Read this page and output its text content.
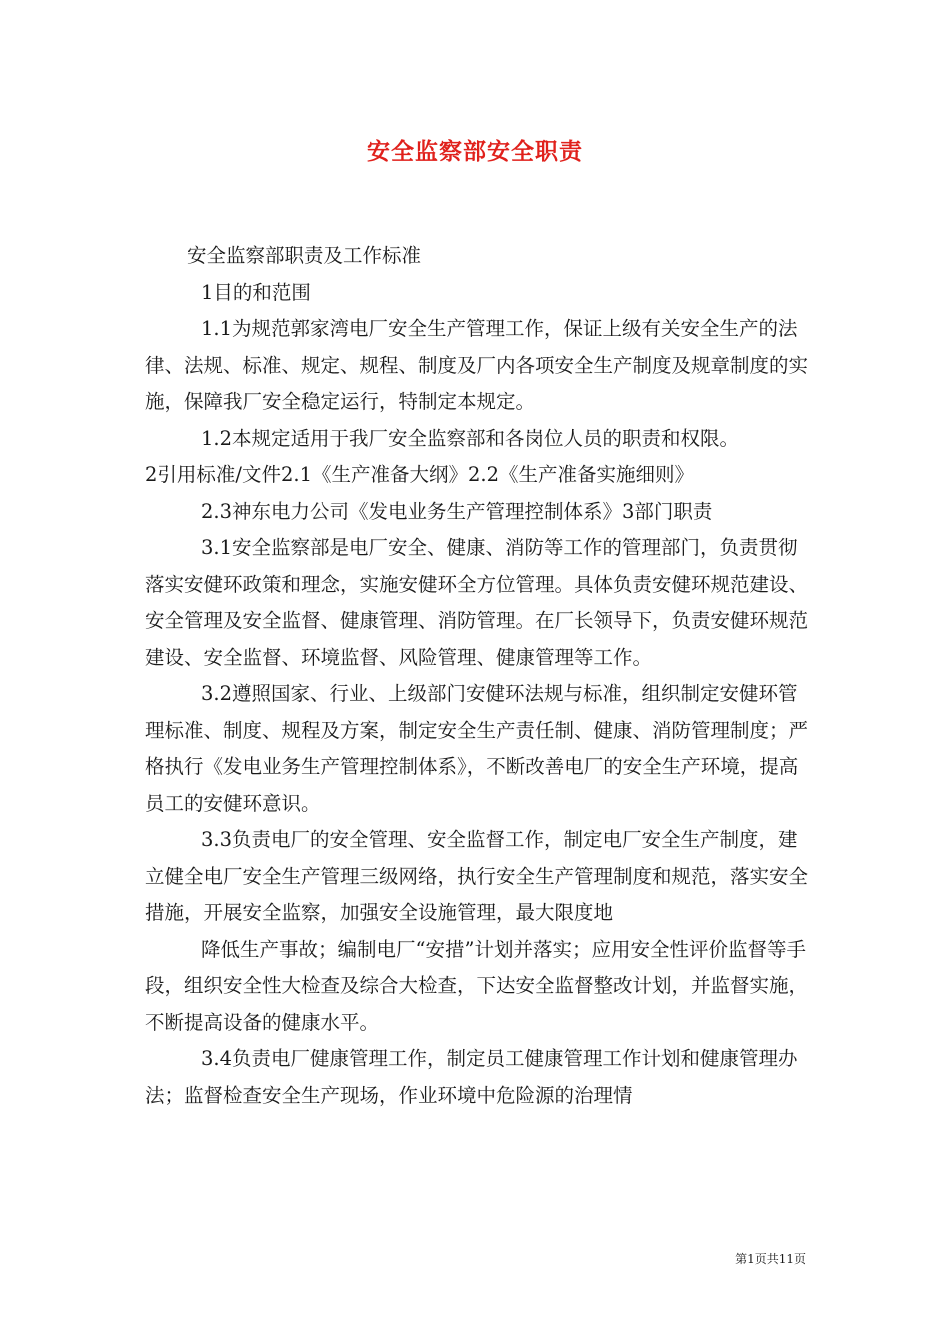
安全监察部安全职责

安全监察部职责及工作标准

1目的和范围

1.1为规范郭家湾电厂安全生产管理工作，保证上级有关安全生产的法律、法规、标准、规定、规程、制度及厂内各项安全生产制度及规章制度的实施，保障我厂安全稳定运行，特制定本规定。

1.2本规定适用于我厂安全监察部和各岗位人员的职责和权限。

2引用标准/文件2.1《生产准备大纲》2.2《生产准备实施细则》

2.3神东电力公司《发电业务生产管理控制体系》3部门职责

3.1安全监察部是电厂安全、健康、消防等工作的管理部门，负责贯彻落实安健环政策和理念，实施安健环全方位管理。具体负责安健环规范建设、安全管理及安全监督、健康管理、消防管理。在厂长领导下，负责安健环规范建设、安全监督、环境监督、风险管理、健康管理等工作。

3.2遵照国家、行业、上级部门安健环法规与标准，组织制定安健环管理标准、制度、规程及方案，制定安全生产责任制、健康、消防管理制度；严格执行《发电业务生产管理控制体系》，不断改善电厂的安全生产环境，提高员工的安健环意识。

3.3负责电厂的安全管理、安全监督工作，制定电厂安全生产制度，建立健全电厂安全生产管理三级网络，执行安全生产管理制度和规范，落实安全措施，开展安全监察，加强安全设施管理，最大限度地

降低生产事故；编制电厂“安措”计划并落实；应用安全性评价监督等手段，组织安全性大检查及综合大检查，下达安全监督整改计划，并监督实施，不断提高设备的健康水平。

3.4负责电厂健康管理工作，制定员工健康管理工作计划和健康管理办法；监督检查安全生产现场，作业环境中危险源的治理情

第1页共11页
